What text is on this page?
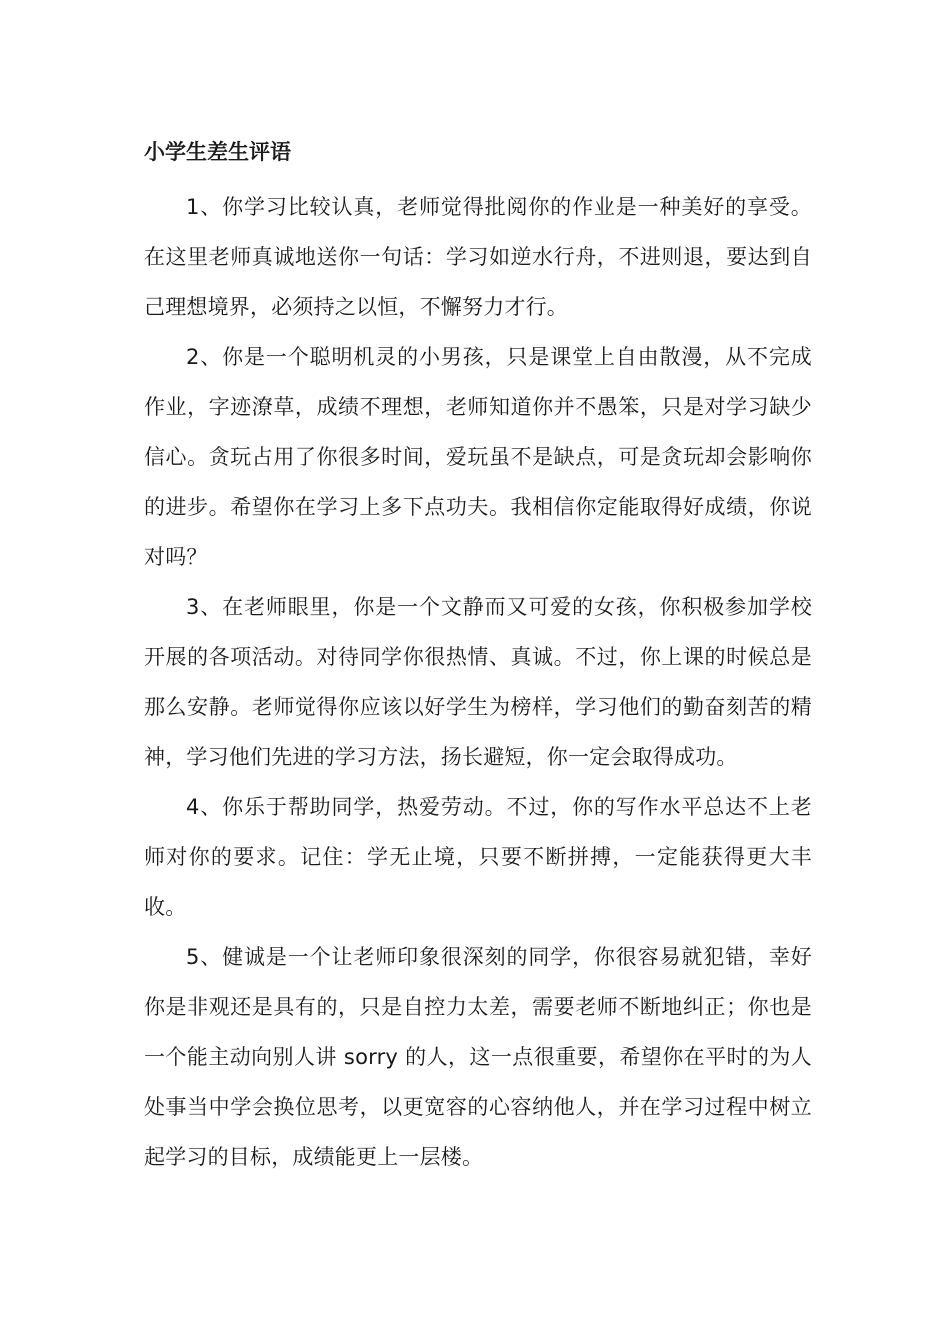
小学生差生评语

1、你学习比较认真，老师觉得批阅你的作业是一种美好的享受。在这里老师真诚地送你一句话：学习如逆水行舟，不进则退，要达到自己理想境界，必须持之以恒，不懈努力才行。

2、你是一个聪明机灵的小男孩，只是课堂上自由散漫，从不完成作业，字迹潦草，成绩不理想，老师知道你并不愚笨，只是对学习缺少信心。贪玩占用了你很多时间，爱玩虽不是缺点，可是贪玩却会影响你的进步。希望你在学习上多下点功夫。我相信你定能取得好成绩，你说对吗？

3、在老师眼里，你是一个文静而又可爱的女孩，你积极参加学校开展的各项活动。对待同学你很热情、真诚。不过，你上课的时候总是那么安静。老师觉得你应该以好学生为榜样，学习他们的勤奋刻苦的精神，学习他们先进的学习方法，扬长避短，你一定会取得成功。

4、你乐于帮助同学，热爱劳动。不过，你的写作水平总达不上老师对你的要求。记住：学无止境，只要不断拼搏，一定能获得更大丰收。

5、健诚是一个让老师印象很深刻的同学，你很容易就犯错，幸好你是非观还是具有的，只是自控力太差，需要老师不断地纠正；你也是一个能主动向别人讲 sorry 的人，这一点很重要，希望你在平时的为人处事当中学会换位思考，以更宽容的心容纳他人，并在学习过程中树立起学习的目标，成绩能更上一层楼。
